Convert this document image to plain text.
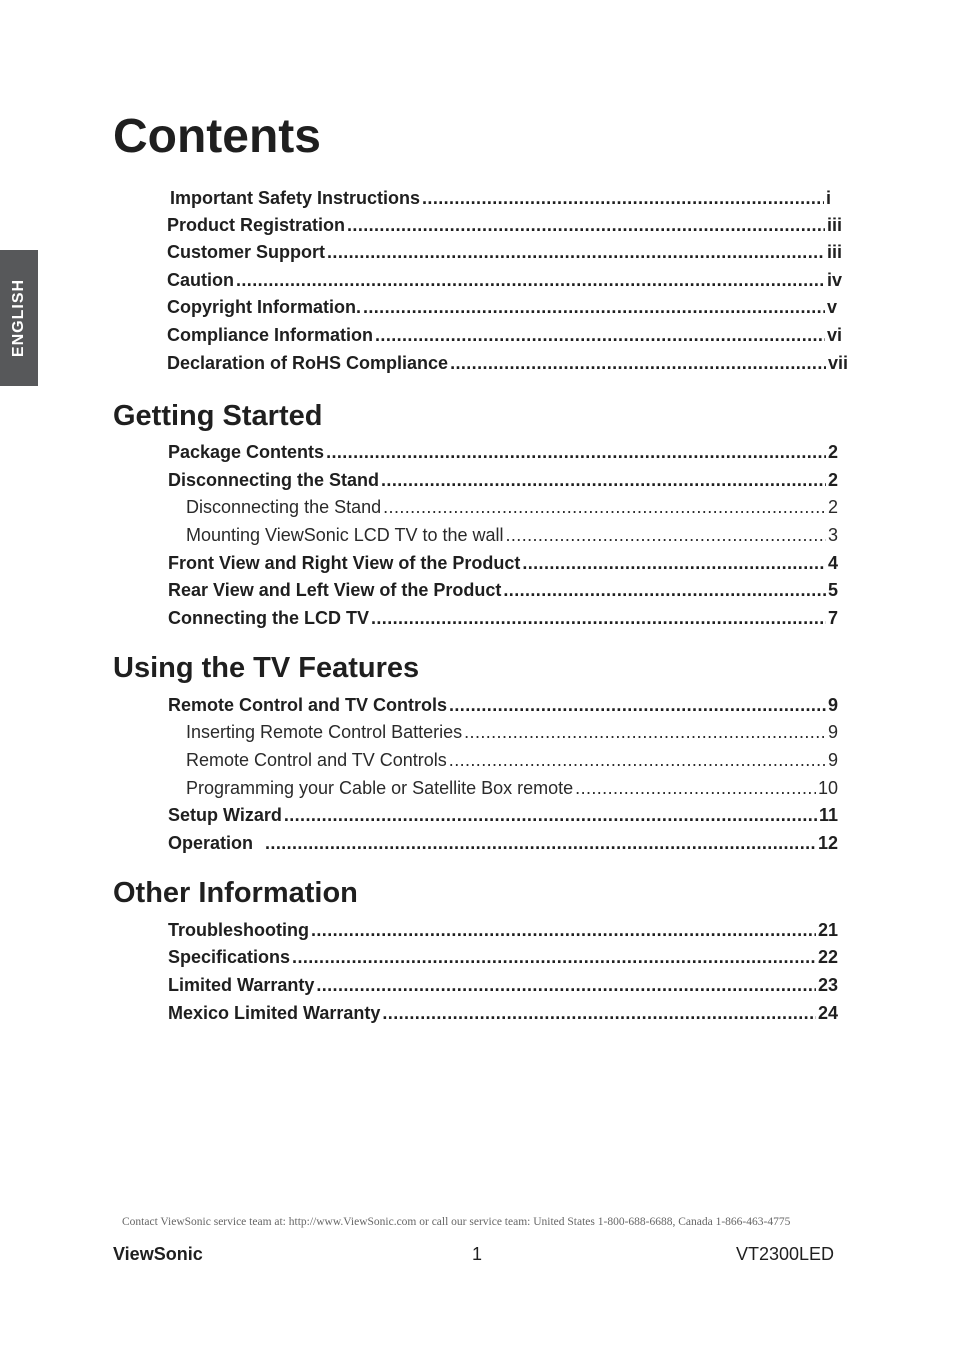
ENGLISH
Contents
Important Safety Instructions .....	i
Product Registration .....	iii
Customer Support .....	iii
Caution .....	iv
Copyright Information. .....	v
Compliance Information .....	vi
Declaration of RoHS Compliance .....	vii
Getting Started
Package Contents .....	2
Disconnecting the Stand .....	2
Disconnecting the Stand .....	2
Mounting ViewSonic LCD TV to the wall .....	3
Front View and Right View of the Product .....	4
Rear View and Left View of the Product .....	5
Connecting the LCD TV .....	7
Using the TV Features
Remote Control and TV Controls .....	9
Inserting Remote Control Batteries .....	9
Remote Control and TV Controls .....	9
Programming your Cable or Satellite Box remote .....	10
Setup Wizard .....	11
Operation .....	12
Other Information
Troubleshooting .....	21
Specifications .....	22
Limited Warranty .....	23
Mexico Limited Warranty .....	24
Contact ViewSonic service team at: http://www.ViewSonic.com or call our service team: United States 1-800-688-6688, Canada 1-866-463-4775
ViewSonic	1	VT2300LED
